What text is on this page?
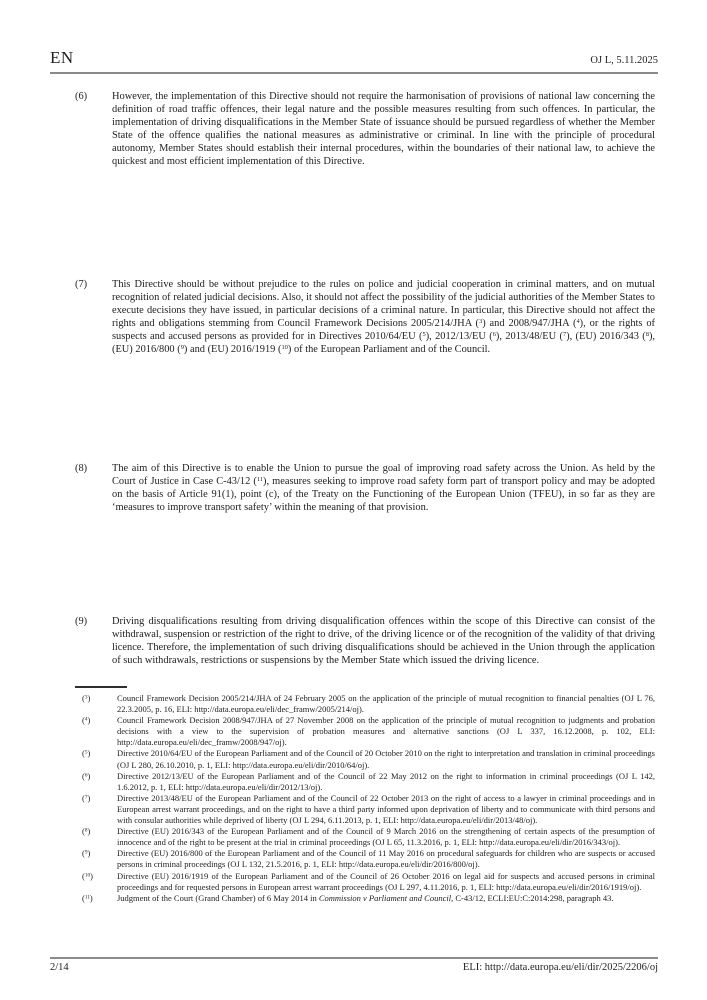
EN	OJ L, 5.11.2025
(6)	However, the implementation of this Directive should not require the harmonisation of provisions of national law concerning the definition of road traffic offences, their legal nature and the possible measures resulting from such offences. In particular, the implementation of driving disqualifications in the Member State of issuance should be pursued regardless of whether the Member State of the offence qualifies the national measures as administrative or criminal. In line with the principle of procedural autonomy, Member States should establish their internal procedures, within the boundaries of their national law, to achieve the quickest and most efficient implementation of this Directive.
(7)	This Directive should be without prejudice to the rules on police and judicial cooperation in criminal matters, and on mutual recognition of related judicial decisions. Also, it should not affect the possibility of the judicial authorities of the Member States to execute decisions they have issued, in particular decisions of a criminal nature. In particular, this Directive should not affect the rights and obligations stemming from Council Framework Decisions 2005/214/JHA ($^3$) and 2008/947/JHA ($^4$), or the rights of suspects and accused persons as provided for in Directives 2010/64/EU ($^5$), 2012/13/EU ($^6$), 2013/48/EU ($^7$), (EU) 2016/343 ($^8$), (EU) 2016/800 ($^9$) and (EU) 2016/1919 ($^{10}$) of the European Parliament and of the Council.
(8)	The aim of this Directive is to enable the Union to pursue the goal of improving road safety across the Union. As held by the Court of Justice in Case C-43/12 ($^{11}$), measures seeking to improve road safety form part of transport policy and may be adopted on the basis of Article 91(1), point (c), of the Treaty on the Functioning of the European Union (TFEU), in so far as they are ‘measures to improve transport safety’ within the meaning of that provision.
(9)	Driving disqualifications resulting from driving disqualification offences within the scope of this Directive can consist of the withdrawal, suspension or restriction of the right to drive, of the driving licence or of the recognition of the validity of that driving licence. Therefore, the implementation of such driving disqualifications should be achieved in the Union through the application of such withdrawals, restrictions or suspensions by the Member State which issued the driving licence.
($^3$)	Council Framework Decision 2005/214/JHA of 24 February 2005 on the application of the principle of mutual recognition to financial penalties (OJ L 76, 22.3.2005, p. 16, ELI: http://data.europa.eu/eli/dec_framw/2005/214/oj).
($^4$)	Council Framework Decision 2008/947/JHA of 27 November 2008 on the application of the principle of mutual recognition to judgments and probation decisions with a view to the supervision of probation measures and alternative sanctions (OJ L 337, 16.12.2008, p. 102, ELI: http://data.europa.eu/eli/dec_framw/2008/947/oj).
($^5$)	Directive 2010/64/EU of the European Parliament and of the Council of 20 October 2010 on the right to interpretation and translation in criminal proceedings (OJ L 280, 26.10.2010, p. 1, ELI: http://data.europa.eu/eli/dir/2010/64/oj).
($^6$)	Directive 2012/13/EU of the European Parliament and of the Council of 22 May 2012 on the right to information in criminal proceedings (OJ L 142, 1.6.2012, p. 1, ELI: http://data.europa.eu/eli/dir/2012/13/oj).
($^7$)	Directive 2013/48/EU of the European Parliament and of the Council of 22 October 2013 on the right of access to a lawyer in criminal proceedings and in European arrest warrant proceedings, and on the right to have a third party informed upon deprivation of liberty and to communicate with third persons and with consular authorities while deprived of liberty (OJ L 294, 6.11.2013, p. 1, ELI: http://data.europa.eu/eli/dir/2013/48/oj).
($^8$)	Directive (EU) 2016/343 of the European Parliament and of the Council of 9 March 2016 on the strengthening of certain aspects of the presumption of innocence and of the right to be present at the trial in criminal proceedings (OJ L 65, 11.3.2016, p. 1, ELI: http://data.europa.eu/eli/dir/2016/343/oj).
($^9$)	Directive (EU) 2016/800 of the European Parliament and of the Council of 11 May 2016 on procedural safeguards for children who are suspects or accused persons in criminal proceedings (OJ L 132, 21.5.2016, p. 1, ELI: http://data.europa.eu/eli/dir/2016/800/oj).
($^{10}$)	Directive (EU) 2016/1919 of the European Parliament and of the Council of 26 October 2016 on legal aid for suspects and accused persons in criminal proceedings and for requested persons in European arrest warrant proceedings (OJ L 297, 4.11.2016, p. 1, ELI: http://data.europa.eu/eli/dir/2016/1919/oj).
($^{11}$)	Judgment of the Court (Grand Chamber) of 6 May 2014 in Commission v Parliament and Council, C-43/12, ECLI:EU:C:2014:298, paragraph 43.
2/14	ELI: http://data.europa.eu/eli/dir/2025/2206/oj
